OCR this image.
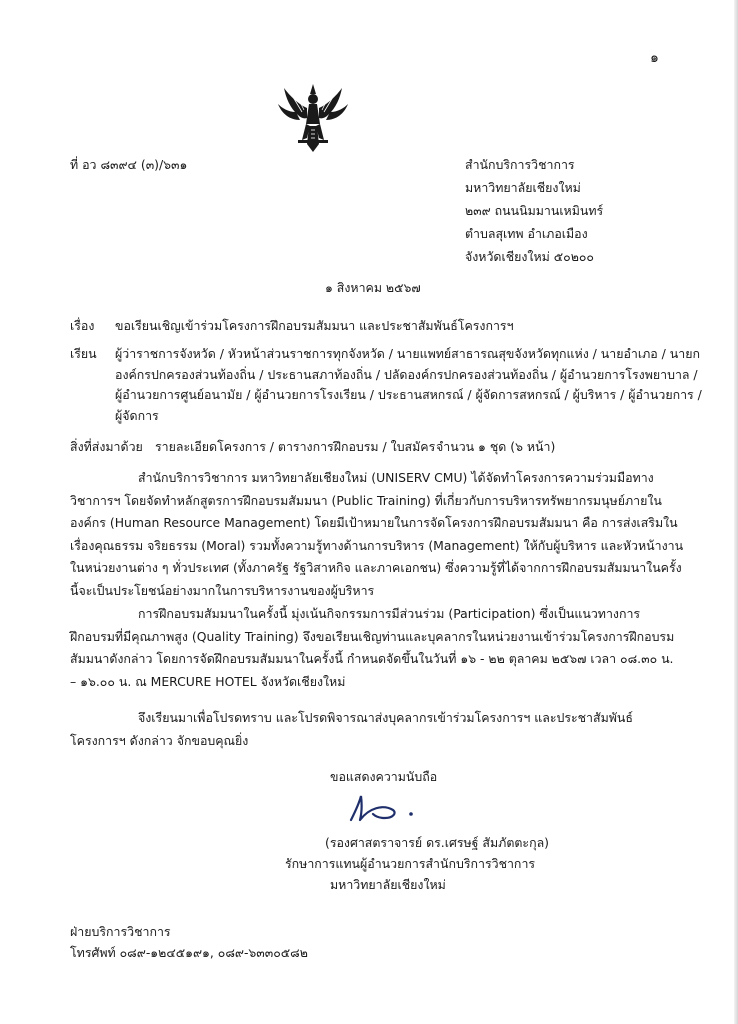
๑
ที่ อว ๘๓๙๔ (๓)/๖๓๑	สำนักบริการวิชาการ
มหาวิทยาลัยเชียงใหม่
๒๓๙ ถนนนิมมานเหมินทร์
ตำบลสุเทพ อำเภอเมือง
จังหวัดเชียงใหม่ ๕๐๒๐๐
๑ สิงหาคม ๒๕๖๗
เรื่อง ขอเรียนเชิญเข้าร่วมโครงการฝึกอบรมสัมมนา และประชาสัมพันธ์โครงการฯ
เรียน ผู้ว่าราชการจังหวัด / หัวหน้าส่วนราชการทุกจังหวัด / นายแพทย์สาธารณสุขจังหวัดทุกแห่ง / นายอำเภอ / นายก
องค์กรปกครองส่วนท้องถิ่น / ประธานสภาท้องถิ่น / ปลัดองค์กรปกครองส่วนท้องถิ่น / ผู้อำนวยการโรงพยาบาล /
ผู้อำนวยการศูนย์อนามัย / ผู้อำนวยการโรงเรียน / ประธานสหกรณ์ / ผู้จัดการสหกรณ์ / ผู้บริหาร / ผู้อำนวยการ /
ผู้จัดการ
สิ่งที่ส่งมาด้วย รายละเอียดโครงการ / ตารางการฝึกอบรม / ใบสมัคร จำนวน ๑ ชุด (๖ หน้า)
สำนักบริการวิชาการ มหาวิทยาลัยเชียงใหม่ (UNISERV CMU) ได้จัดทำโครงการความร่วมมือทาง
วิชาการฯ โดยจัดทำหลักสูตรการฝึกอบรมสัมมนา (Public Training) ที่เกี่ยวกับการบริหารทรัพยากรมนุษย์ภายใน
องค์กร (Human Resource Management) โดยมีเป้าหมายในการจัดโครงการฝึกอบรมสัมมนา คือ การส่งเสริมใน
เรื่องคุณธรรม จริยธรรม (Moral) รวมทั้งความรู้ทางด้านการบริหาร (Management) ให้กับผู้บริหาร และหัวหน้างาน
ในหน่วยงานต่าง ๆ ทั่วประเทศ (ทั้งภาครัฐ รัฐวิสาหกิจ และภาคเอกชน) ซึ่งความรู้ที่ได้จากการฝึกอบรมสัมมนาในครั้ง
นี้จะเป็นประโยชน์อย่างมากในการบริหารงานของผู้บริหาร
การฝึกอบรมสัมมนาในครั้งนี้ มุ่งเน้นกิจกรรมการมีส่วนร่วม (Participation) ซึ่งเป็นแนวทางการ
ฝึกอบรมที่มีคุณภาพสูง (Quality Training) จึงขอเรียนเชิญท่านและบุคลากรในหน่วยงานเข้าร่วมโครงการฝึกอบรม
สัมมนาดังกล่าว โดยการจัดฝึกอบรมสัมมนาในครั้งนี้ กำหนดจัดขึ้นในวันที่ ๑๖ - ๒๒ ตุลาคม ๒๕๖๗ เวลา ๐๘.๓๐ น.
– ๑๖.๐๐ น. ณ MERCURE HOTEL จังหวัดเชียงใหม่
จึงเรียนมาเพื่อโปรดทราบ และโปรดพิจารณาส่งบุคลากรเข้าร่วมโครงการฯ และประชาสัมพันธ์
โครงการฯ ดังกล่าว จักขอบคุณยิ่ง
ขอแสดงความนับถือ
(รองศาสตราจารย์ ดร.เศรษฐ์ สัมภัตตะกุล)
รักษาการแทนผู้อำนวยการสำนักบริการวิชาการ
มหาวิทยาลัยเชียงใหม่
ฝ่ายบริการวิชาการ
โทรศัพท์ ๐๘๙-๑๒๔๕๑๙๑, ๐๘๙-๖๓๓๐๕๘๒
